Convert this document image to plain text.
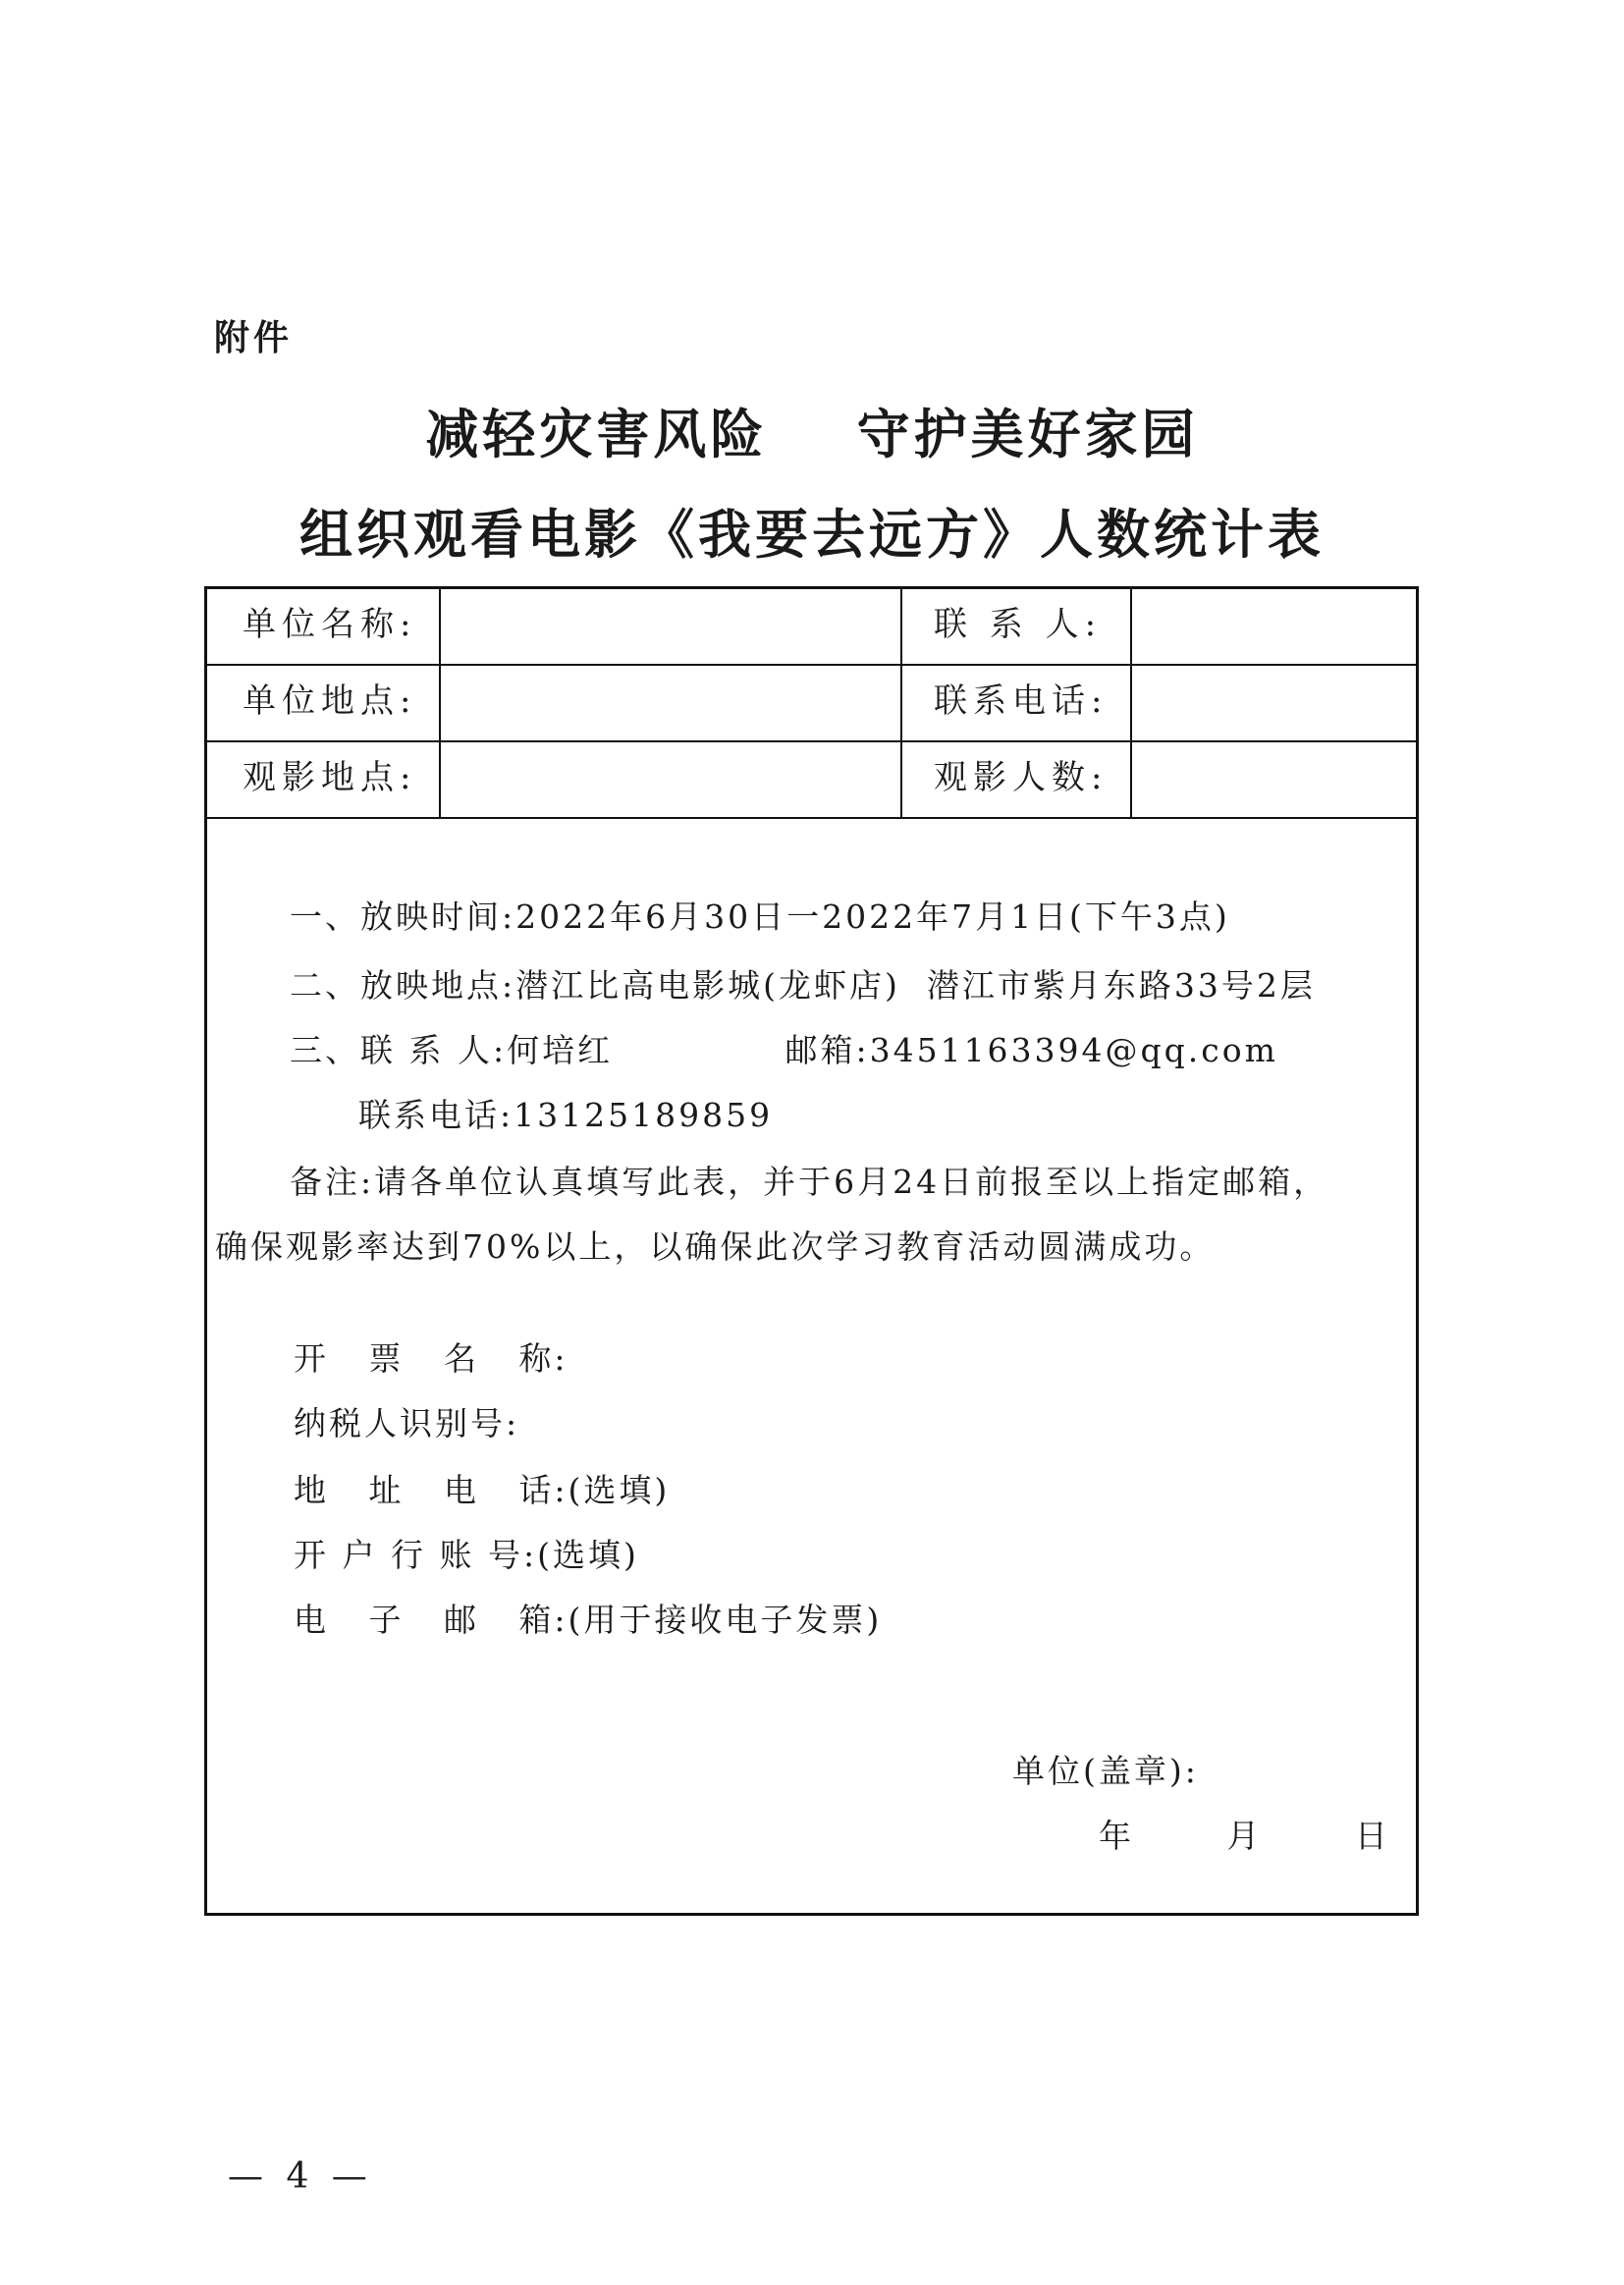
附件
减轻灾害风险    守护美好家园
组织观看电影《我要去远方》人数统计表
单位名称:	联 系 人:
单位地点:	联系电话:
观影地点:	观影人数:
一、放映时间:2022年6月30日一2022年7月1日(下午3点)
二、放映地点:潜江比高电影城(龙虾店)  潜江市紫月东路33号2层
三、联 系 人:何培红             邮箱:3451163394@qq.com
联系电话:13125189859
备注:请各单位认真填写此表，并于6月24日前报至以上指定邮箱，
确保观影率达到70%以上，以确保此次学习教育活动圆满成功。
开   票   名   称:
纳税人识别号:
地   址   电   话:(选填)
开 户 行 账 号:(选填)
电   子   邮   箱:(用于接收电子发票)
单位(盖章):
年       月       日
— 4 —
